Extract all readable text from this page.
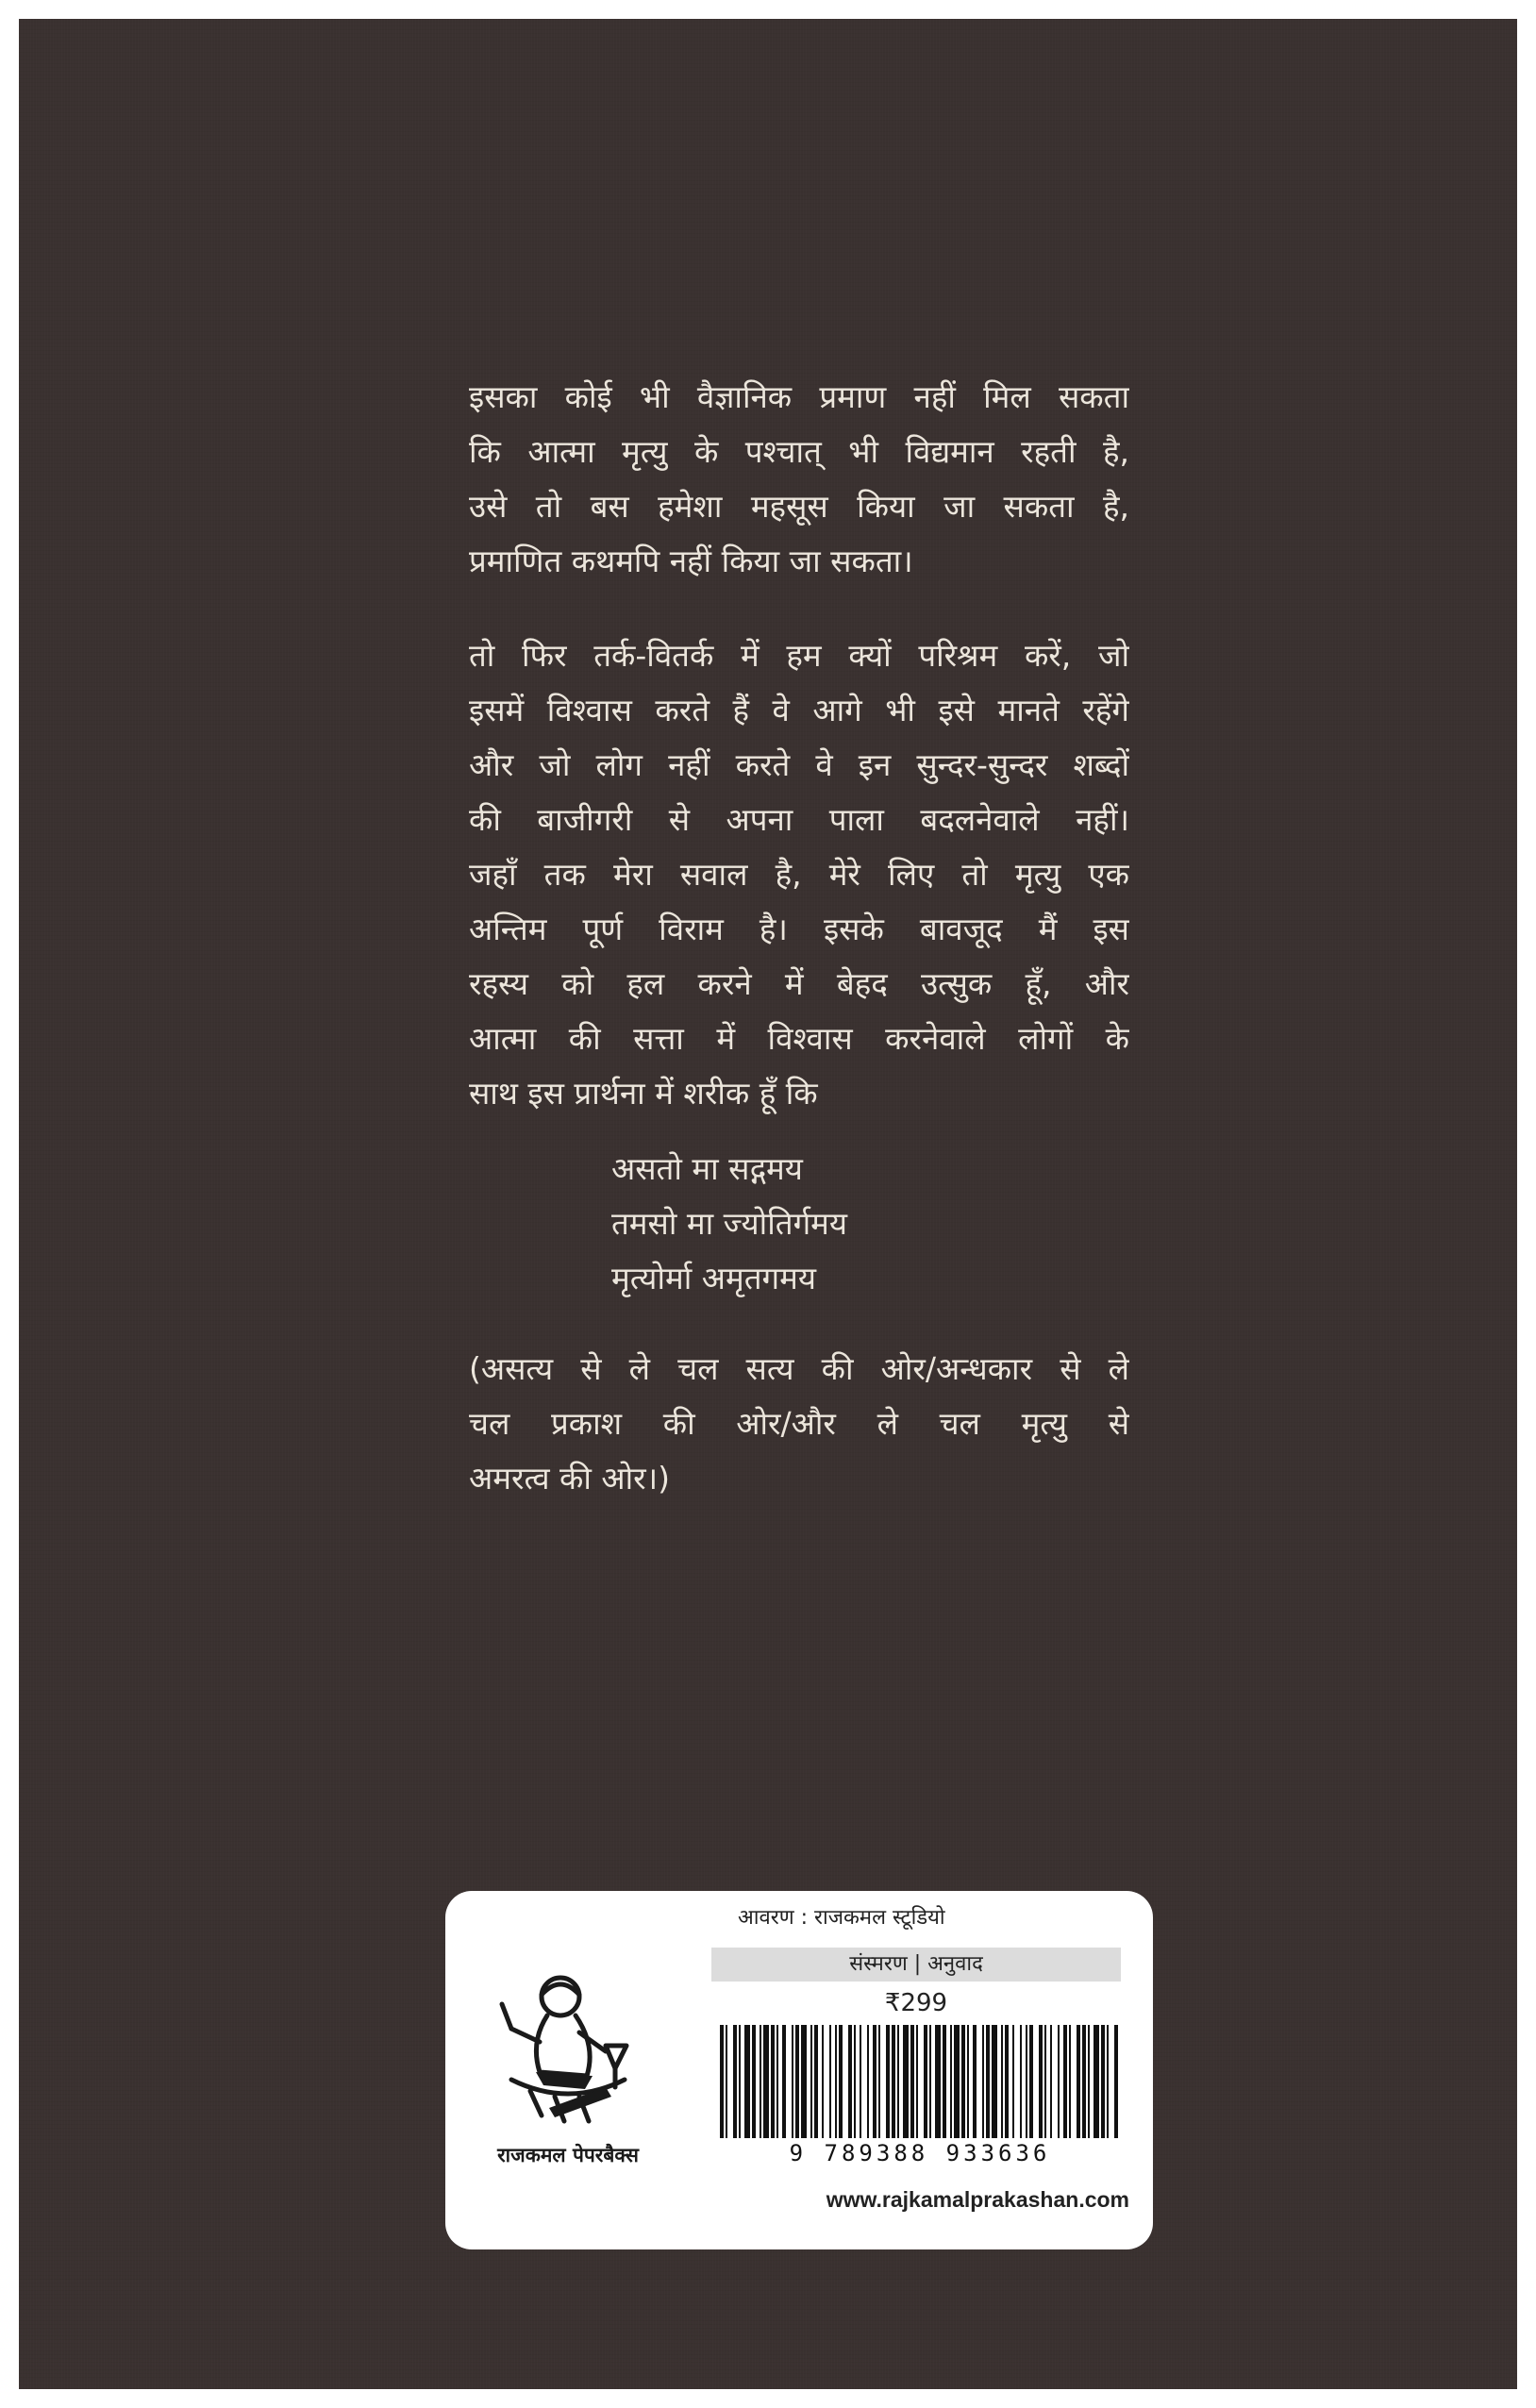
इसका कोई भी वैज्ञानिक प्रमाण नहीं मिल सकता
कि आत्मा मृत्यु के पश्चात् भी विद्यमान रहती है,
उसे तो बस हमेशा महसूस किया जा सकता है,
प्रमाणित कथमपि नहीं किया जा सकता।
तो फिर तर्क-वितर्क में हम क्यों परिश्रम करें, जो
इसमें विश्वास करते हैं वे आगे भी इसे मानते रहेंगे
और जो लोग नहीं करते वे इन सुन्दर-सुन्दर शब्दों
की बाजीगरी से अपना पाला बदलनेवाले नहीं।
जहाँ तक मेरा सवाल है, मेरे लिए तो मृत्यु एक
अन्तिम पूर्ण विराम है। इसके बावजूद मैं इस
रहस्य को हल करने में बेहद उत्सुक हूँ, और
आत्मा की सत्ता में विश्वास करनेवाले लोगों के
साथ इस प्रार्थना में शरीक हूँ कि
असतो मा सद्गमय
तमसो मा ज्योतिर्गमय
मृत्योर्मा अमृतगमय
(असत्य से ले चल सत्य की ओर/अन्धकार से ले
चल प्रकाश की ओर/और ले चल मृत्यु से
अमरत्व की ओर।)
आवरण : राजकमल स्टूडियो
राजकमल पेपरबैक्स
संस्मरण | अनुवाद
₹299
9 789388 933636
www.rajkamalprakashan.com
